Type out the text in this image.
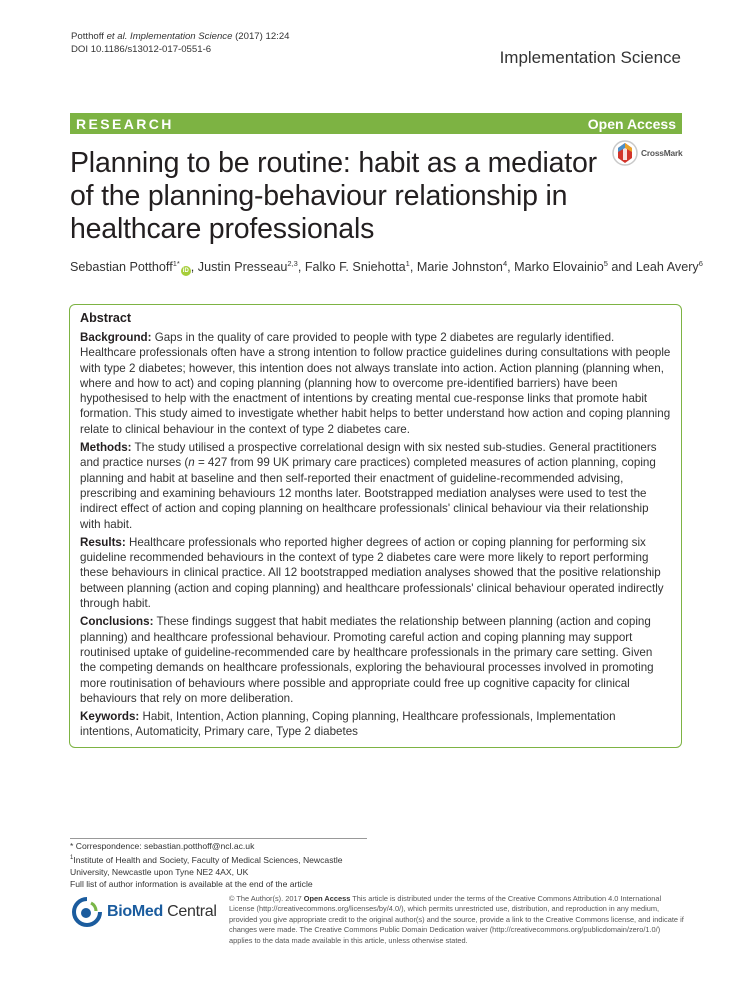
Potthoff et al. Implementation Science (2017) 12:24
DOI 10.1186/s13012-017-0551-6	Implementation Science
RESEARCH	Open Access
Planning to be routine: habit as a mediator of the planning-behaviour relationship in healthcare professionals
CrossMark
Sebastian Potthoff$^{1*}$iD , Justin Presseau$^{2,3}$, Falko F. Sniehotta$^1$, Marie Johnston$^4$, Marko Elovainio$^5$ and Leah Avery$^6$
Abstract

Background: Gaps in the quality of care provided to people with type 2 diabetes are regularly identified. Healthcare professionals often have a strong intention to follow practice guidelines during consultations with people with type 2 diabetes; however, this intention does not always translate into action. Action planning (planning when, where and how to act) and coping planning (planning how to overcome pre-identified barriers) have been hypothesised to help with the enactment of intentions by creating mental cue-response links that promote habit formation. This study aimed to investigate whether habit helps to better understand how action and coping planning relate to clinical behaviour in the context of type 2 diabetes care.

Methods: The study utilised a prospective correlational design with six nested sub-studies. General practitioners and practice nurses (n = 427 from 99 UK primary care practices) completed measures of action planning, coping planning and habit at baseline and then self-reported their enactment of guideline-recommended advising, prescribing and examining behaviours 12 months later. Bootstrapped mediation analyses were used to test the indirect effect of action and coping planning on healthcare professionals' clinical behaviour via their relationship with habit.

Results: Healthcare professionals who reported higher degrees of action or coping planning for performing six guideline recommended behaviours in the context of type 2 diabetes care were more likely to report performing these behaviours in clinical practice. All 12 bootstrapped mediation analyses showed that the positive relationship between planning (action and coping planning) and healthcare professionals' clinical behaviour operated indirectly through habit.

Conclusions: These findings suggest that habit mediates the relationship between planning (action and coping planning) and healthcare professional behaviour. Promoting careful action and coping planning may support routinised uptake of guideline-recommended care by healthcare professionals in the primary care setting. Given the competing demands on healthcare professionals, exploring the behavioural processes involved in promoting more routinisation of behaviours where possible and appropriate could free up cognitive capacity for clinical behaviours that rely on more deliberation.

Keywords: Habit, Intention, Action planning, Coping planning, Healthcare professionals, Implementation intentions, Automaticity, Primary care, Type 2 diabetes

* Correspondence: sebastian.potthoff@ncl.ac.uk
$^1$Institute of Health and Society, Faculty of Medical Sciences, Newcastle
University, Newcastle upon Tyne NE2 4AX, UK
Full list of author information is available at the end of the article
BioMed Central
© The Author(s). 2017 Open Access This article is distributed under the terms of the Creative Commons Attribution 4.0 International License (http://creativecommons.org/licenses/by/4.0/), which permits unrestricted use, distribution, and reproduction in any medium, provided you give appropriate credit to the original author(s) and the source, provide a link to the Creative Commons license, and indicate if changes were made. The Creative Commons Public Domain Dedication waiver (http://creativecommons.org/publicdomain/zero/1.0/) applies to the data made available in this article, unless otherwise stated.
